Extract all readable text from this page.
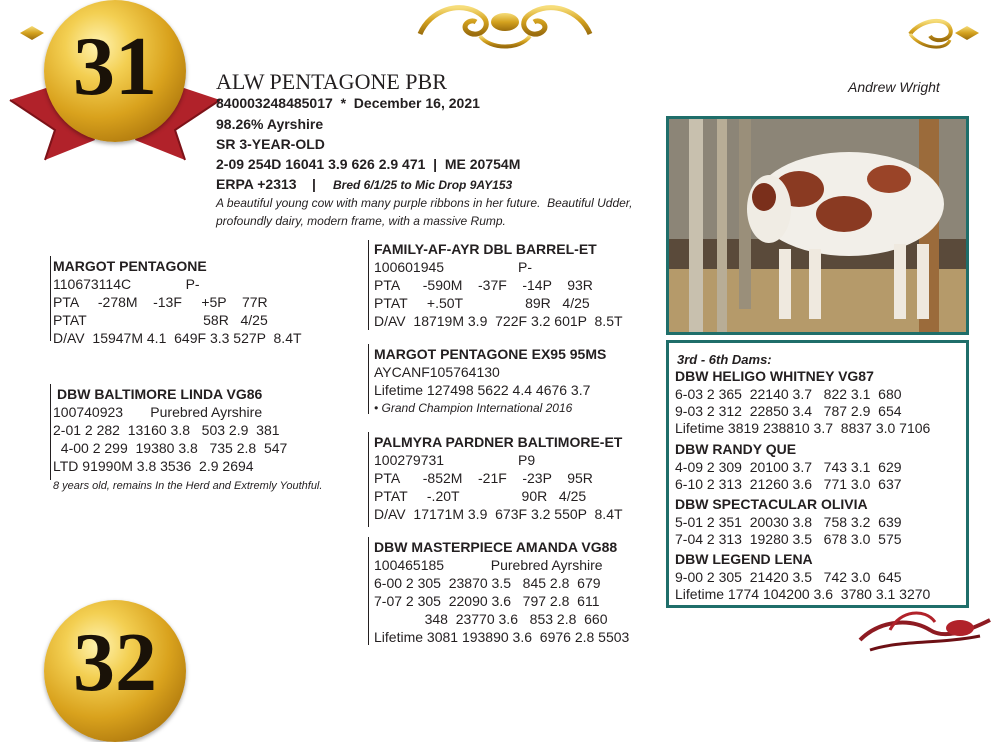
31
32
ALW PENTAGONE PBR
840003248485017  *  December 16, 2021
98.26% Ayrshire
SR 3-YEAR-OLD
2-09 254D 16041 3.9 626 2.9 471  |  ME 20754M
ERPA +2313 | Bred 6/1/25 to Mic Drop 9AY153
A beautiful young cow with many purple ribbons in her future.  Beautiful Udder,
profoundly dairy, modern frame, with a massive Rump.
Andrew Wright
MARGOT PENTAGONE
110673114C              P-
PTA     -278M    -13F     +5P    77R
PTAT                              58R   4/25
D/AV  15947M 4.1  649F 3.3 527P  8.4T
DBW BALTIMORE LINDA VG86
100740923       Purebred Ayrshire
2-01 2 282  13160 3.8   503 2.9  381
4-00 2 299  19380 3.8   735 2.8  547
LTD 91990M 3.8 3536  2.9 2694
8 years old, remains In the Herd and Extremly Youthful.
FAMILY-AF-AYR DBL BARREL-ET
100601945                   P-
PTA      -590M    -37F    -14P    93R
PTAT     +.50T                89R   4/25
D/AV  18719M 3.9  722F 3.2 601P  8.5T
MARGOT PENTAGONE EX95 95MS
AYCANF105764130
Lifetime 127498 5622 4.4 4676 3.7
• Grand Champion International 2016
PALMYRA PARDNER BALTIMORE-ET
100279731                   P9
PTA      -852M    -21F    -23P    95R
PTAT     -.20T                90R   4/25
D/AV  17171M 3.9  673F 3.2 550P  8.4T
DBW MASTERPIECE AMANDA VG88
100465185            Purebred Ayrshire
6-00 2 305  23870 3.5   845 2.8  679
7-07 2 305  22090 3.6   797 2.8  611
348  23770 3.6   853 2.8  660
Lifetime 3081 193890 3.6  6976 2.8 5503
3rd - 6th Dams:
DBW HELIGO WHITNEY VG87
6-03 2 365  22140 3.7   822 3.1  680
9-03 2 312  22850 3.4   787 2.9  654
Lifetime 3819 238810 3.7  8837 3.0 7106
DBW RANDY QUE
4-09 2 309  20100 3.7   743 3.1  629
6-10 2 313  21260 3.6   771 3.0  637
DBW SPECTACULAR OLIVIA
5-01 2 351  20030 3.8   758 3.2  639
7-04 2 313  19280 3.5   678 3.0  575
DBW LEGEND LENA
9-00 2 305  21420 3.5   742 3.0  645
Lifetime 1774 104200 3.6  3780 3.1 3270
